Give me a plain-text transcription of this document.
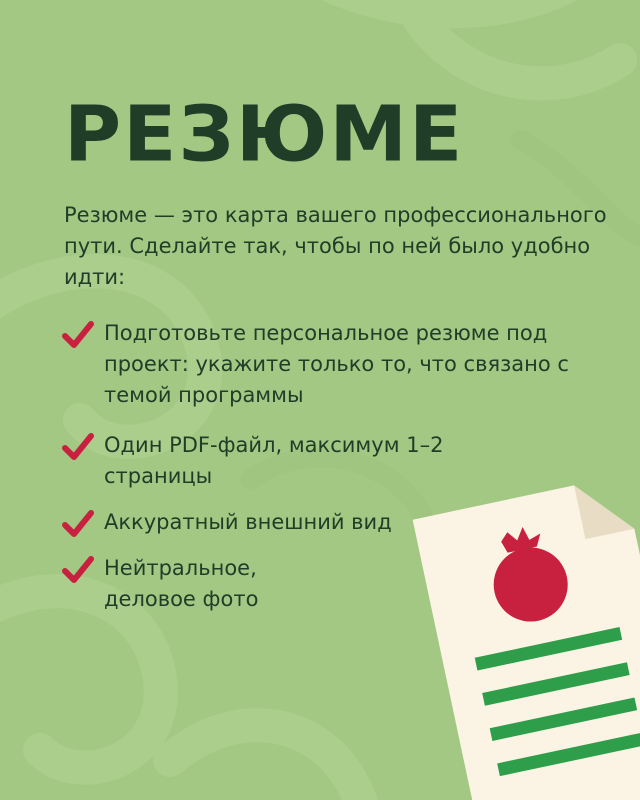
РЕЗЮМЕ

Резюме — это карта вашего профессионального пути. Сделайте так, чтобы по ней было удобно идти:

Подготовьте персональное резюме под проект: укажите только то, что связано с темой программы
Один PDF-файл, максимум 1–2 страницы
Аккуратный внешний вид
Нейтральное, деловое фото
